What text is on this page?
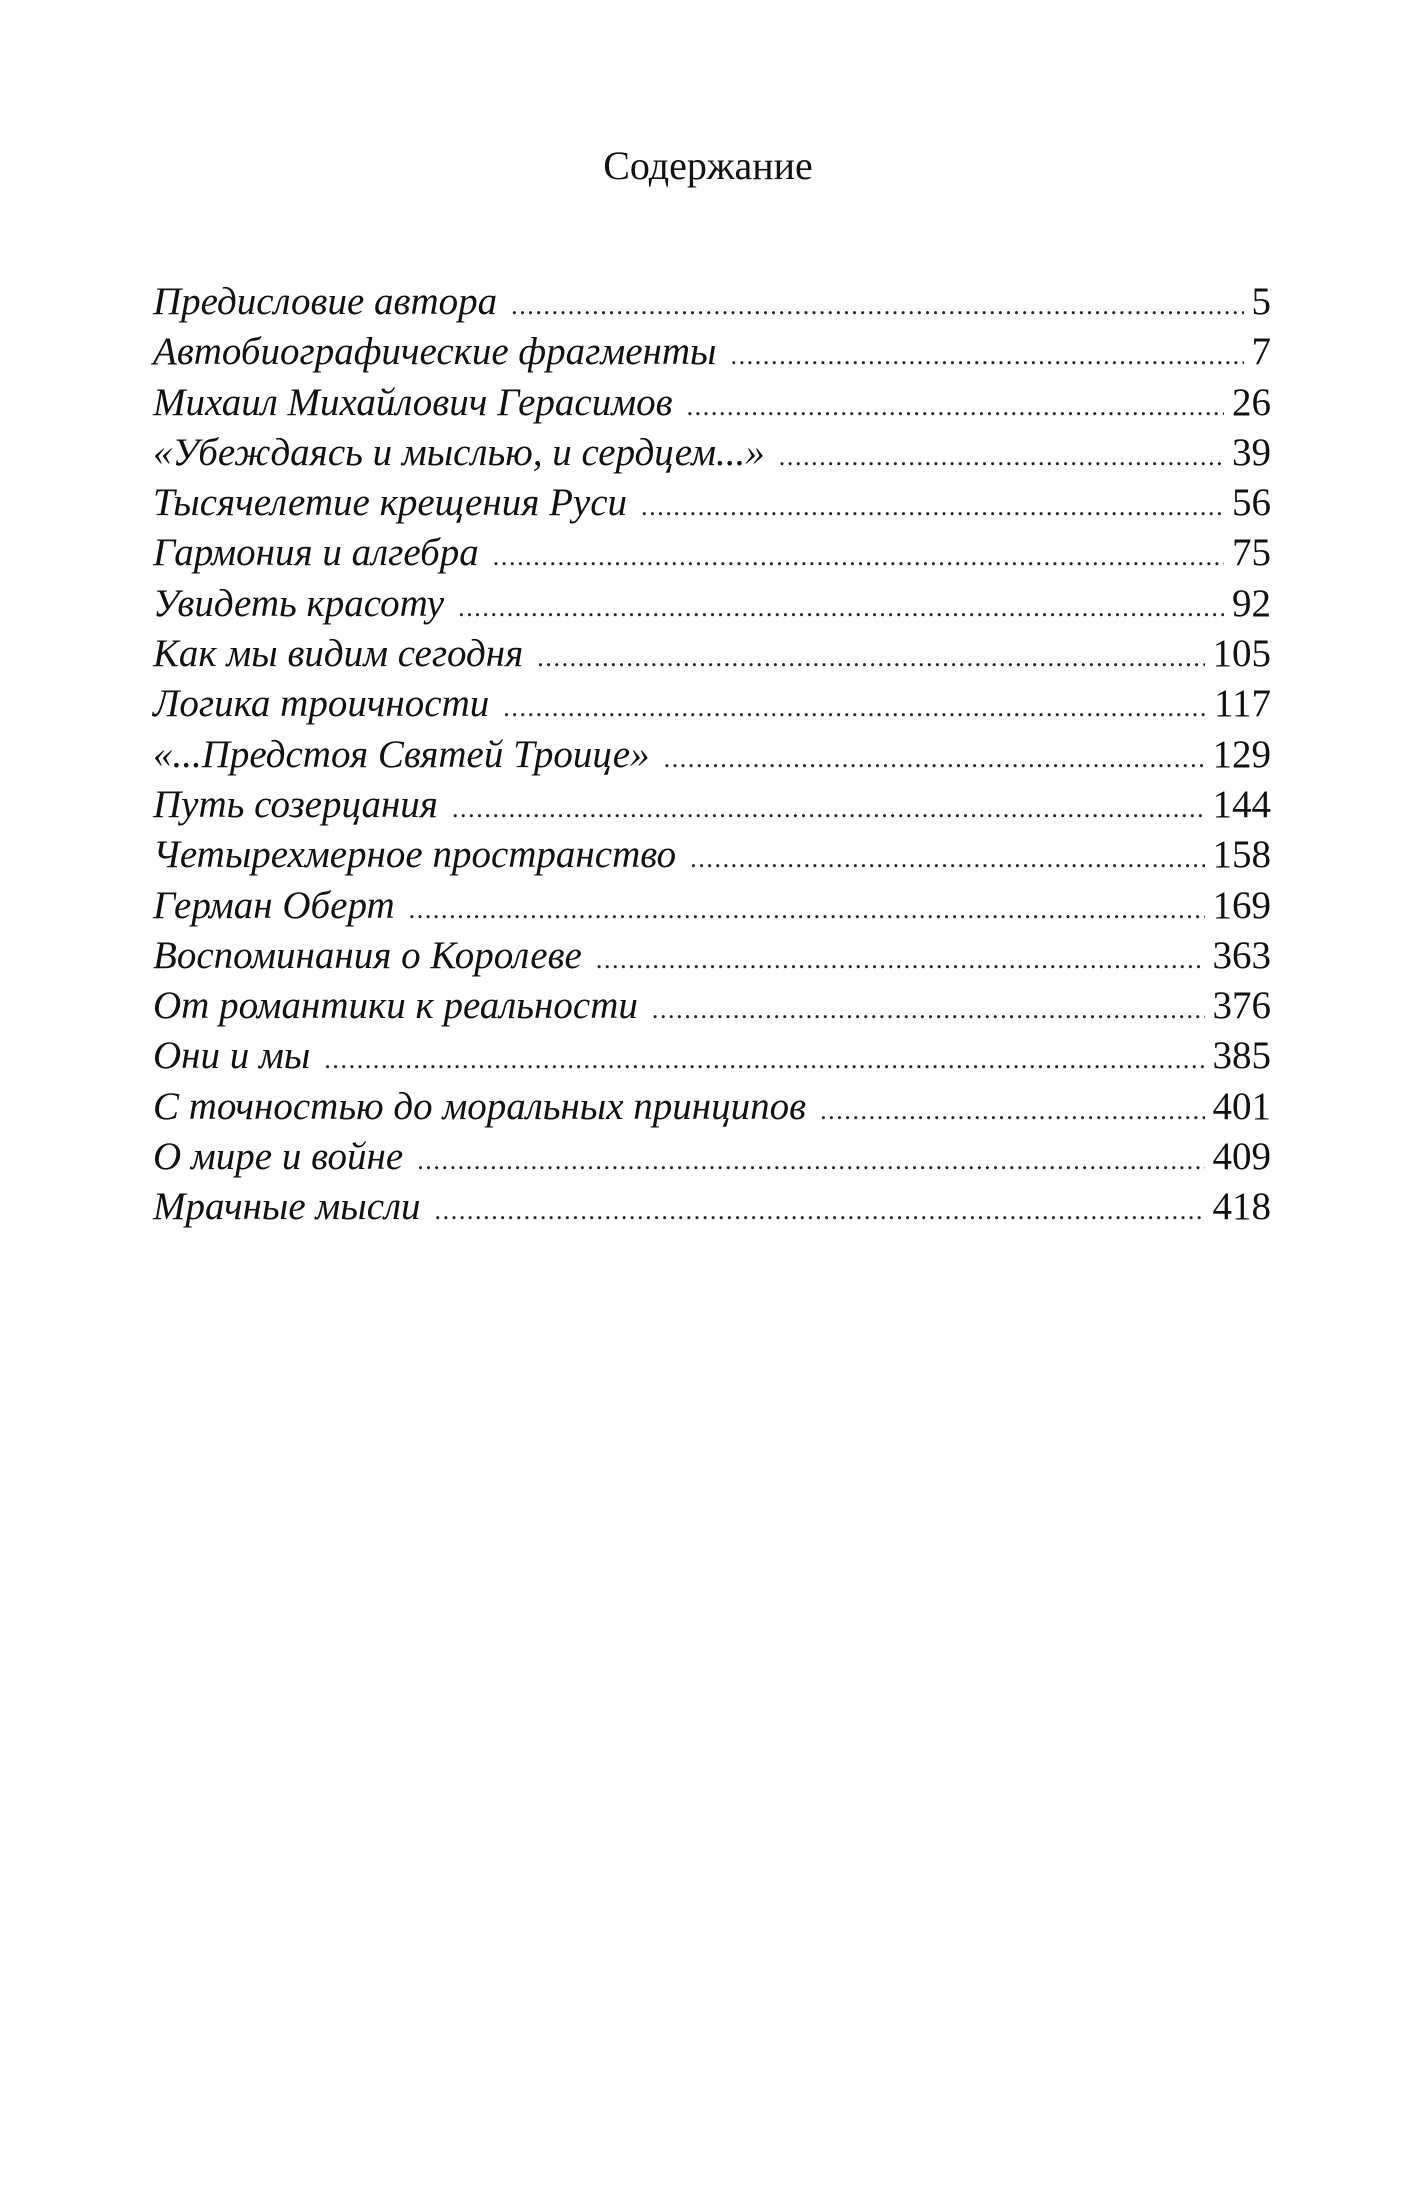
Содержание
Предисловие автора .....	5
Автобиографические фрагменты .....	7
Михаил Михайлович Герасимов .....	26
«Убеждаясь и мыслью, и сердцем...» .....	39
Тысячелетие крещения Руси .....	56
Гармония и алгебра .....	75
Увидеть красоту .....	92
Как мы видим сегодня .....	105
Логика троичности .....	117
«...Предстоя Святей Троице» .....	129
Путь созерцания .....	144
Четырехмерное пространство .....	158
Герман Оберт .....	169
Воспоминания о Королеве .....	363
От романтики к реальности .....	376
Они и мы .....	385
С точностью до моральных принципов .....	401
О мире и войне .....	409
Мрачные мысли .....	418
